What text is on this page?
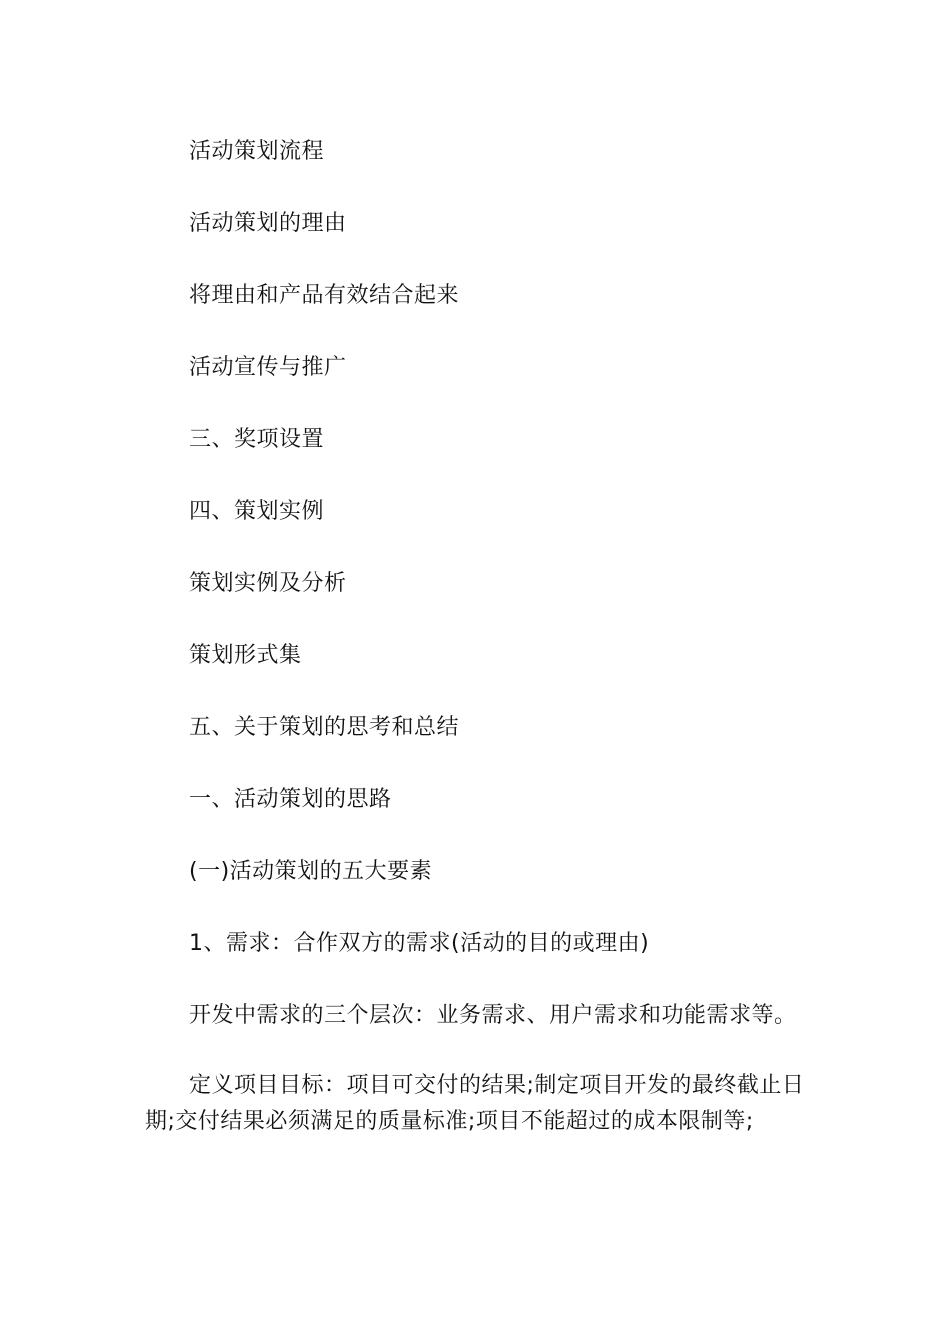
活动策划流程
活动策划的理由
将理由和产品有效结合起来
活动宣传与推广
三、奖项设置
四、策划实例
策划实例及分析
策划形式集
五、关于策划的思考和总结
一、活动策划的思路
(一)活动策划的五大要素
1、需求：合作双方的需求(活动的目的或理由)
开发中需求的三个层次：业务需求、用户需求和功能需求等。
定义项目目标：项目可交付的结果;制定项目开发的最终截止日期;交付结果必须满足的质量标准;项目不能超过的成本限制等;
